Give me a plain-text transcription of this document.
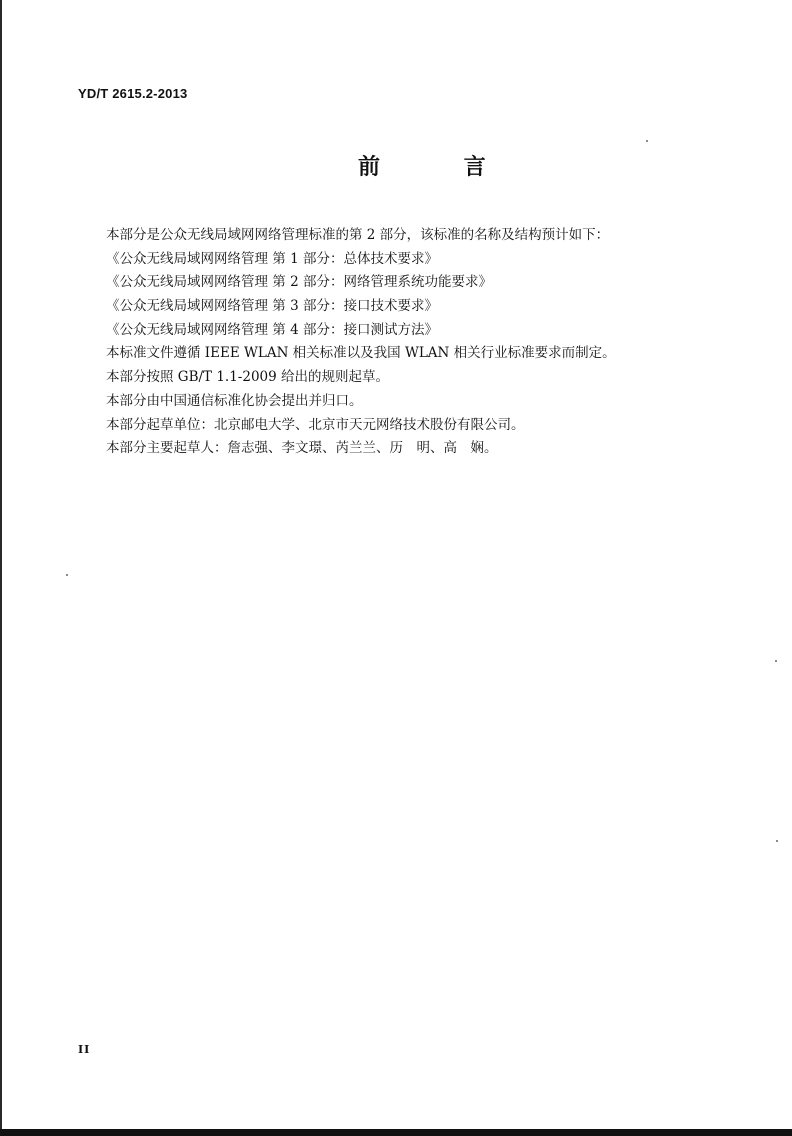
YD/T 2615.2-2013
前 言
本部分是公众无线局域网网络管理标准的第 2 部分，该标准的名称及结构预计如下：
《公众无线局域网网络管理 第 1 部分：总体技术要求》
《公众无线局域网网络管理 第 2 部分：网络管理系统功能要求》
《公众无线局域网网络管理 第 3 部分：接口技术要求》
《公众无线局域网网络管理 第 4 部分：接口测试方法》
本标准文件遵循 IEEE WLAN 相关标准以及我国 WLAN 相关行业标准要求而制定。
本部分按照 GB/T 1.1-2009 给出的规则起草。
本部分由中国通信标准化协会提出并归口。
本部分起草单位：北京邮电大学、北京市天元网络技术股份有限公司。
本部分主要起草人：詹志强、李文璟、芮兰兰、历　明、高　娴。
II
